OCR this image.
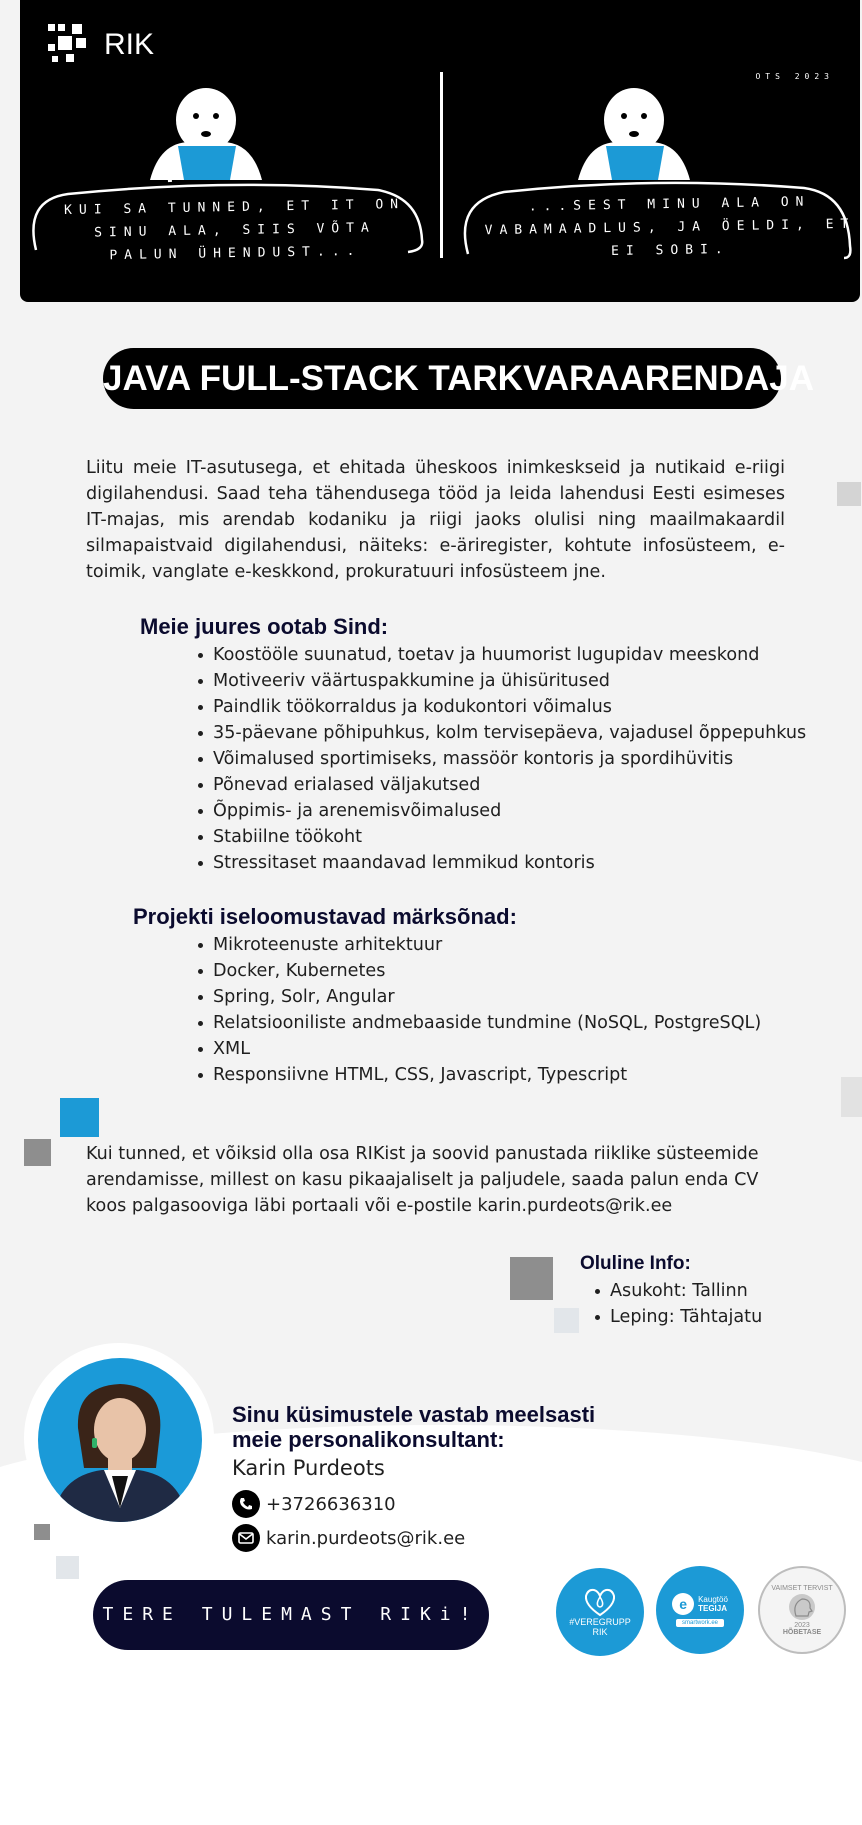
RIK
OTS 2023
KUI SA TUNNED, ET IT ON SINU ALA, SIIS VÕTA PALUN ÜHENDUST...
...SEST MINU ALA ON VABAMAADLUS, JA ÖELDI, ET EI SOBI.
JAVA FULL-STACK TARKVARAARENDAJA
Liitu meie IT-asutusega, et ehitada üheskoos inimkeskseid ja nutikaid e-riigi digilahendusi. Saad teha tähendusega tööd ja leida lahendusi Eesti esimeses IT-majas, mis arendab kodaniku ja riigi jaoks olulisi ning maailmakaardil silmapaistvaid digilahendusi, näiteks: e-äriregister, kohtute infosüsteem, e-toimik, vanglate e-keskkond, prokuratuuri infosüsteem jne.
Meie juures ootab Sind:
Koostööle suunatud, toetav ja huumorist lugupidav meeskond
Motiveeriv väärtuspakkumine ja ühisüritused
Paindlik töökorraldus ja kodukontori võimalus
35-päevane põhipuhkus, kolm tervisepäeva, vajadusel õppepuhkus
Võimalused sportimiseks, massöör kontoris ja spordihüvitis
Põnevad erialased väljakutsed
Õppimis- ja arenemisvõimalused
Stabiilne töökoht
Stressitaset maandavad lemmikud kontoris
Projekti iseloomustavad märksõnad:
Mikroteenuste arhitektuur
Docker, Kubernetes
Spring, Solr, Angular
Relatsiooniliste andmebaaside tundmine (NoSQL, PostgreSQL)
XML
Responsiivne HTML, CSS, Javascript, Typescript
Kui tunned, et võiksid olla osa RIKist ja soovid panustada riiklike süsteemide arendamisse, millest on kasu pikaajaliselt ja paljudele, saada palun enda CV koos palgasooviga läbi portaali või e-postile karin.purdeots@rik.ee
Oluline Info:
Asukoht: Tallinn
Leping: Tähtajatu
Sinu küsimustele vastab meelsasti meie personalikonsultant:
Karin Purdeots
+3726636310
karin.purdeots@rik.ee
TERE TULEMAST RIKi!	#VEREGRUPP
RIK
e	Kaugtöö
TEGIJA
smartwork.ee
VAIMSET TERVIST
2023
HÕBETASE
